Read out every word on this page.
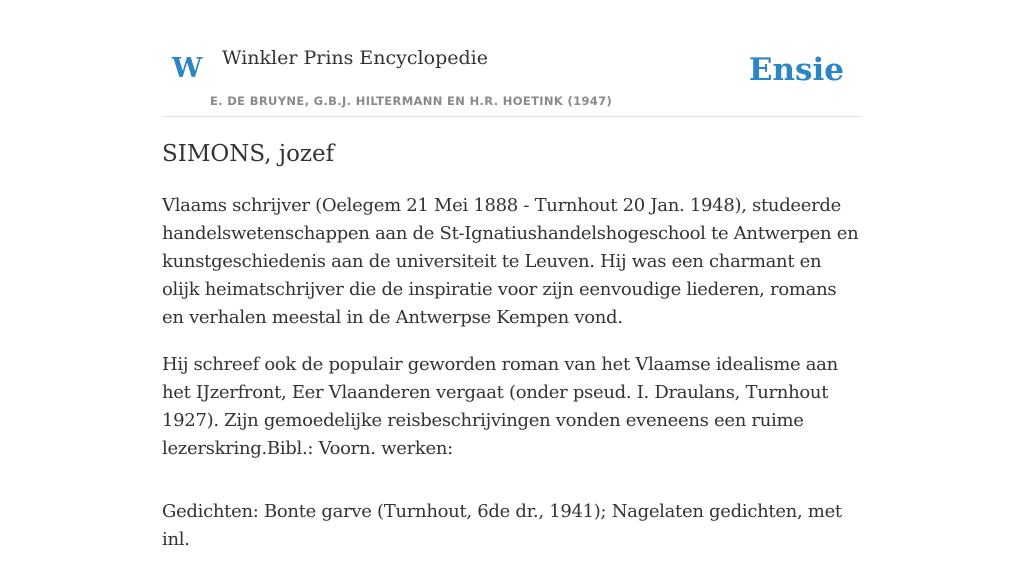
W Winkler Prins Encyclopedie	Ensie
E. DE BRUYNE, G.B.J. HILTERMANN EN H.R. HOETINK (1947)
SIMONS, jozef

Vlaams schrijver (Oelegem 21 Mei 1888 - Turnhout 20 Jan. 1948), studeerde handelswetenschappen aan de St-Ignatiushandelshogeschool te Antwerpen en kunstgeschiedenis aan de universiteit te Leuven. Hij was een charmant en olijk heimatschrijver die de inspiratie voor zijn eenvoudige liederen, romans en verhalen meestal in de Antwerpse Kempen vond.

Hij schreef ook de populair geworden roman van het Vlaamse idealisme aan het IJzerfront, Eer Vlaanderen vergaat (onder pseud. I. Draulans, Turnhout 1927). Zijn gemoedelijke reisbeschrijvingen vonden eveneens een ruime lezerskring.Bibl.: Voorn. werken:

Gedichten: Bonte garve (Turnhout, 6de dr., 1941); Nagelaten gedichten, met inl.
